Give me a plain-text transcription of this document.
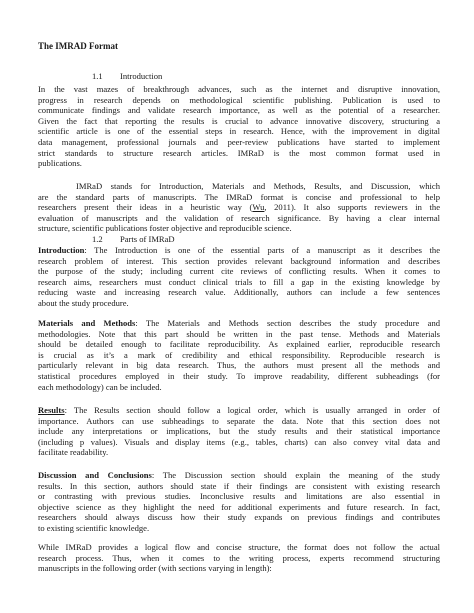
The IMRAD Format
1.1 Introduction
In the vast mazes of breakthrough advances, such as the internet and disruptive innovation,
progress in research depends on methodological scientific publishing. Publication is used to
communicate findings and validate research importance, as well as the potential of a researcher.
Given the fact that reporting the results is crucial to advance innovative discovery, structuring a
scientific article is one of the essential steps in research. Hence, with the improvement in digital
data management, professional journals and peer-review publications have started to implement
strict standards to structure research articles. IMRaD is the most common format used in
publications.
IMRaD stands for Introduction, Materials and Methods, Results, and Discussion, which
are the standard parts of manuscripts. The IMRaD format is concise and professional to help
researchers present their ideas in a heuristic way (Wu, 2011). It also supports reviewers in the
evaluation of manuscripts and the validation of research significance. By having a clear internal
structure, scientific publications foster objective and reproducible science.
1.2 Parts of IMRaD
Introduction: The Introduction is one of the essential parts of a manuscript as it describes the
research problem of interest. This section provides relevant background information and describes
the purpose of the study; including current cite reviews of conflicting results. When it comes to
research aims, researchers must conduct clinical trials to fill a gap in the existing knowledge by
reducing waste and increasing research value. Additionally, authors can include a few sentences
about the study procedure.
Materials and Methods: The Materials and Methods section describes the study procedure and
methodologies. Note that this part should be written in the past tense. Methods and Materials
should be detailed enough to facilitate reproducibility. As explained earlier, reproducible research
is crucial as it’s a mark of credibility and ethical responsibility. Reproducible research is
particularly relevant in big data research. Thus, the authors must present all the methods and
statistical procedures employed in their study. To improve readability, different subheadings (for
each methodology) can be included.
Results: The Results section should follow a logical order, which is usually arranged in order of
importance. Authors can use subheadings to separate the data. Note that this section does not
include any interpretations or implications, but the study results and their statistical importance
(including p values). Visuals and display items (e.g., tables, charts) can also convey vital data and
facilitate readability.
Discussion and Conclusions: The Discussion section should explain the meaning of the study
results. In this section, authors should state if their findings are consistent with existing research
or contrasting with previous studies. Inconclusive results and limitations are also essential in
objective science as they highlight the need for additional experiments and future research. In fact,
researchers should always discuss how their study expands on previous findings and contributes
to existing scientific knowledge.
While IMRaD provides a logical flow and concise structure, the format does not follow the actual
research process. Thus, when it comes to the writing process, experts recommend structuring
manuscripts in the following order (with sections varying in length):
